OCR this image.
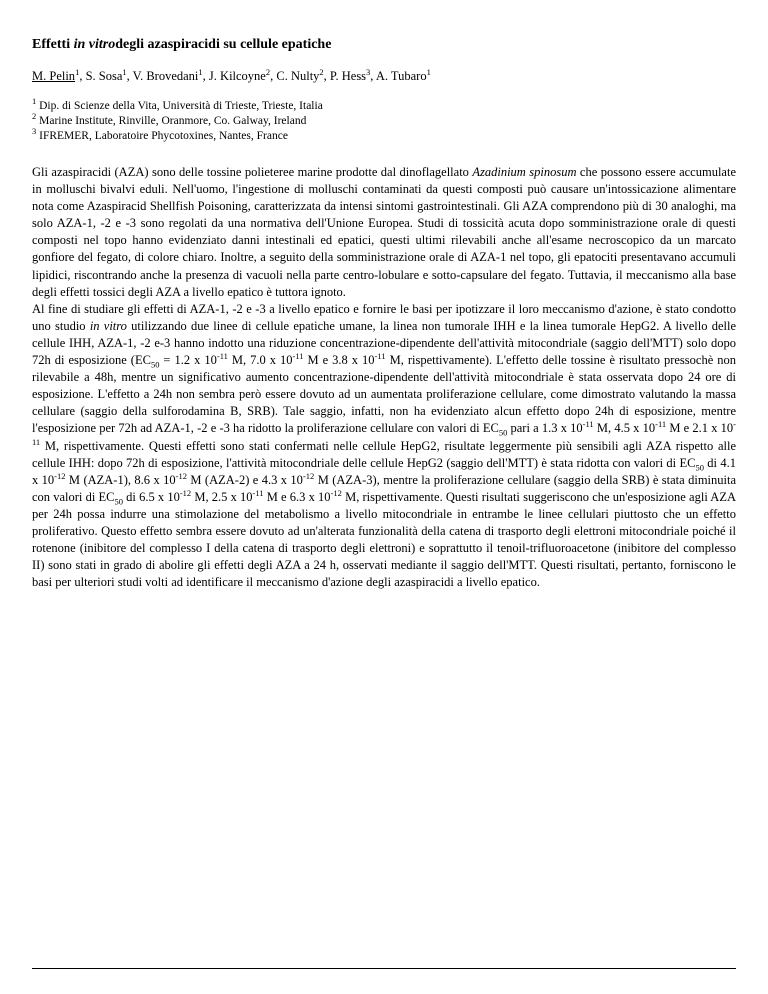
Effetti in vitrodegli azaspiracidi su cellule epatiche
M. Pelin$^1$, S. Sosa$^1$, V. Brovedani$^1$, J. Kilcoyne$^2$, C. Nulty$^2$, P. Hess$^3$, A. Tubaro$^1$
$^1$ Dip. di Scienze della Vita, Università di Trieste, Trieste, Italia
$^2$ Marine Institute, Rinville, Oranmore, Co. Galway, Ireland
$^3$ IFREMER, Laboratoire Phycotoxines, Nantes, France

Gli azaspiracidi (AZA) sono delle tossine polieteree marine prodotte dal dinoflagellato Azadinium spinosum che possono essere accumulate in molluschi bivalvi eduli. Nell'uomo, l'ingestione di molluschi contaminati da questi composti può causare un'intossicazione alimentare nota come Azaspiracid Shellfish Poisoning, caratterizzata da intensi sintomi gastrointestinali. Gli AZA comprendono più di 30 analoghi, ma solo AZA-1, -2 e -3 sono regolati da una normativa dell'Unione Europea. Studi di tossicità acuta dopo somministrazione orale di questi composti nel topo hanno evidenziato danni intestinali ed epatici, questi ultimi rilevabili anche all'esame necroscopico da un marcato gonfiore del fegato, di colore chiaro. Inoltre, a seguito della somministrazione orale di AZA-1 nel topo, gli epatociti presentavano accumuli lipidici, riscontrando anche la presenza di vacuoli nella parte centro-lobulare e sotto-capsulare del fegato. Tuttavia, il meccanismo alla base degli effetti tossici degli AZA a livello epatico è tuttora ignoto.

Al fine di studiare gli effetti di AZA-1, -2 e -3 a livello epatico e fornire le basi per ipotizzare il loro meccanismo d'azione, è stato condotto uno studio in vitro utilizzando due linee di cellule epatiche umane, la linea non tumorale IHH e la linea tumorale HepG2. A livello delle cellule IHH, AZA-1, -2 e-3 hanno indotto una riduzione concentrazione-dipendente dell'attività mitocondriale (saggio dell'MTT) solo dopo 72h di esposizione ($EC_{50} = 1.2$ x $10^{-11}$ M, 7.0 x $10^{-11}$ M e 3.8 x $10^{-11}$ M, rispettivamente). L'effetto delle tossine è risultato pressochè non rilevabile a 48h, mentre un significativo aumento concentrazione-dipendente dell'attività mitocondriale è stata osservata dopo 24 ore di esposizione. L'effetto a 24h non sembra però essere dovuto ad un aumentata proliferazione cellulare, come dimostrato valutando la massa cellulare (saggio della sulforodamina B, SRB). Tale saggio, infatti, non ha evidenziato alcun effetto dopo 24h di esposizione, mentre l'esposizione per 72h ad AZA-1, -2 e -3 ha ridotto la proliferazione cellulare con valori di $EC_{50}$ pari a 1.3 x $10^{-11}$ M, 4.5 x $10^{-11}$ M e 2.1 x $10^{-11}$ M, rispettivamente. Questi effetti sono stati confermati nelle cellule HepG2, risultate leggermente più sensibili agli AZA rispetto alle cellule IHH: dopo 72h di esposizione, l'attività mitocondriale delle cellule HepG2 (saggio dell'MTT) è stata ridotta con valori di $EC_{50}$ di 4.1 x $10^{-12}$ M (AZA-1), 8.6 x $10^{-12}$ M (AZA-2) e 4.3 x $10^{-12}$ M (AZA-3), mentre la proliferazione cellulare (saggio della SRB) è stata diminuita con valori di $EC_{50}$ di 6.5 x $10^{-12}$ M, 2.5 x $10^{-11}$ M e 6.3 x $10^{-12}$ M, rispettivamente. Questi risultati suggeriscono che un'esposizione agli AZA per 24h possa indurre una stimolazione del metabolismo a livello mitocondriale in entrambe le linee cellulari piuttosto che un effetto proliferativo. Questo effetto sembra essere dovuto ad un'alterata funzionalità della catena di trasporto degli elettroni mitocondriale poiché il rotenone (inibitore del complesso I della catena di trasporto degli elettroni) e soprattutto il tenoil-trifluoroacetone (inibitore del complesso II) sono stati in grado di abolire gli effetti degli AZA a 24 h, osservati mediante il saggio dell'MTT. Questi risultati, pertanto, forniscono le basi per ulteriori studi volti ad identificare il meccanismo d'azione degli azaspiracidi a livello epatico.
